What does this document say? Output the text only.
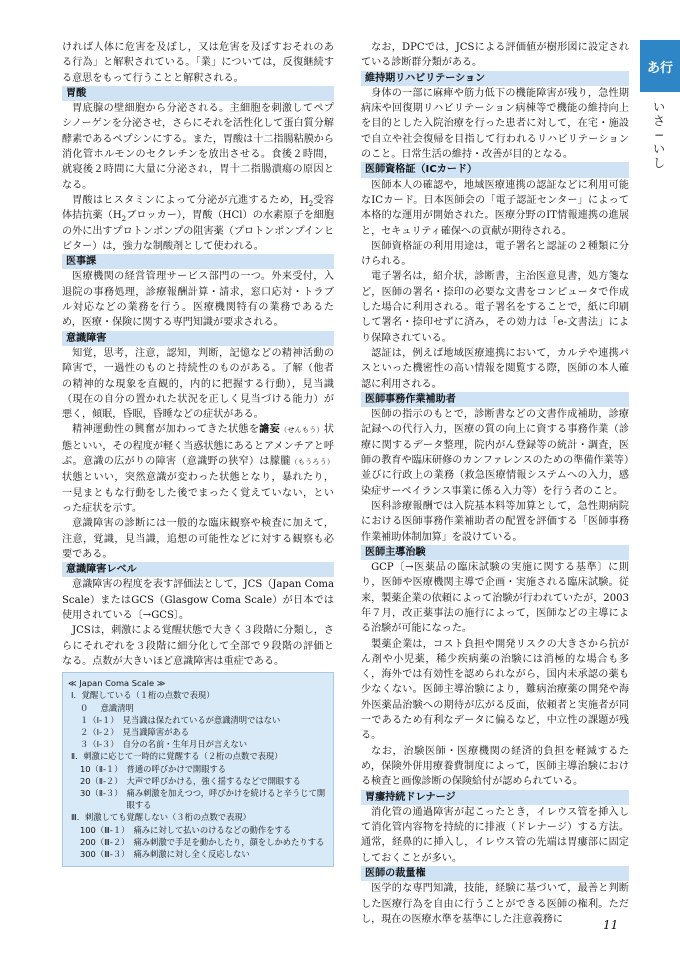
あ行
い
さ
−
い
し

ければ人体に危害を及ぼし，又は危害を及ぼすおそれのある行為」と解釈されている。「業」については，反復継続する意思をもって行うことと解釈される。

胃酸

胃底腺の壁細胞から分泌される。主細胞を刺激してペプシノーゲンを分泌させ，さらにそれを活性化して蛋白質分解酵素であるペプシンにする。また，胃酸は十二指腸粘膜から消化管ホルモンのセクレチンを放出させる。食後２時間，就寝後２時間に大量に分泌され，胃十二指腸潰瘍の原因となる。

胃酸はヒスタミンによって分泌が亢進するため，$H_2$受容体拮抗薬（$H_2$ブロッカー），胃酸（HCl）の水素原子を細胞の外に出すプロトンポンプの阻害薬（プロトンポンプインヒビター）は，強力な制酸剤として使われる。

医事課

医療機関の経営管理サービス部門の一つ。外来受付，入退院の事務処理，診療報酬計算・請求，窓口応対・トラブル対応などの業務を行う。医療機関特有の業務であるため，医療・保険に関する専門知識が要求される。

意識障害

知覚，思考，注意，認知，判断，記憶などの精神活動の障害で，一過性のものと持続性のものがある。了解（他者の精神的な現象を直観的，内的に把握する行動），見当識（現在の自分の置かれた状況を正しく見当づける能力）が悪く，傾眠，昏眠，昏睡などの症状がある。

精神運動性の興奮が加わってきた状態を譫妄（せんもう）状態といい，その程度が軽く当惑状態にあるとアメンチアと呼ぶ。意識の広がりの障害（意識野の狭窄）は朦朧（もうろう）状態といい，突然意識が変わった状態となり，暴れたり，一見まともな行動をした後でまったく覚えていない，といった症状を示す。

意識障害の診断には一般的な臨床観察や検査に加えて，注意，覚識，見当識，追想の可能性などに対する観察も必要である。

意識障害レベル

意識障害の程度を表す評価法として，JCS（Japan Coma Scale）またはGCS（Glasgow Coma Scale）が日本では使用されている〔→GCS〕。

JCSは，刺激による覚醒状態で大きく３段階に分類し，さらにそれぞれを３段階に細分化して全部で９段階の評価となる。点数が大きいほど意識障害は重症である。

≪ Japan Coma Scale ≫
Ⅰ．覚醒している（１桁の点数で表現）
０　 意識清明
１（Ⅰ-１） 見当識は保たれているが意識清明ではない
２（Ⅰ-２） 見当識障害がある
３（Ⅰ-３） 自分の名前・生年月日が言えない
Ⅱ．刺激に応じて一時的に覚醒する（２桁の点数で表現）
10（Ⅱ-１） 普通の呼びかけで開眼する
20（Ⅱ-２） 大声で呼びかける，強く揺するなどで開眼する
30（Ⅱ-３） 痛み刺激を加えつつ，呼びかけを続けると辛うじて開眼する
Ⅲ．刺激しても覚醒しない（３桁の点数で表現）
100（Ⅲ-１） 痛みに対して払いのけるなどの動作をする
200（Ⅲ-２） 痛み刺激で手足を動かしたり，顔をしかめたりする
300（Ⅲ-３） 痛み刺激に対し全く反応しない

なお，DPCでは，JCSによる評価値が樹形図に設定されている診断群分類がある。

維持期リハビリテーション

身体の一部に麻痺や筋力低下の機能障害が残り，急性期病床や回復期リハビリテーション病棟等で機能の維持向上を目的とした入院治療を行った患者に対して，在宅・施設で自立や社会復帰を目指して行われるリハビリテーションのこと。日常生活の維持・改善が目的となる。

医師資格証（ICカード）

医師本人の確認や，地域医療連携の認証などに利用可能なICカード。日本医師会の「電子認証センター」によって本格的な運用が開始された。医療分野のIT情報連携の進展と，セキュリティ確保への貢献が期待される。

医師資格証の利用用途は，電子署名と認証の２種類に分けられる。

電子署名は，紹介状，診断書，主治医意見書，処方箋など，医師の署名・捺印の必要な文書をコンピュータで作成した場合に利用される。電子署名をすることで，紙に印刷して署名・捺印せずに済み，その効力は「e-文書法」により保障されている。

認証は，例えば地域医療連携において，カルテや連携パスといった機密性の高い情報を閲覧する際，医師の本人確認に利用される。

医師事務作業補助者

医師の指示のもとで，診断書などの文書作成補助，診療記録への代行入力，医療の質の向上に資する事務作業（診療に関するデータ整理，院内がん登録等の統計・調査，医師の教育や臨床研修のカンファレンスのための準備作業等）並びに行政上の業務（救急医療情報システムへの入力，感染症サーベイランス事業に係る入力等）を行う者のこと。

医科診療報酬では入院基本料等加算として，急性期病院における医師事務作業補助者の配置を評価する「医師事務作業補助体制加算」を設けている。

医師主導治験

GCP〔→医薬品の臨床試験の実施に関する基準〕に則り，医師や医療機関主導で企画・実施される臨床試験。従来，製薬企業の依頼によって治験が行われていたが，2003年７月，改正薬事法の施行によって，医師などの主導による治験が可能になった。

製薬企業は，コスト負担や開発リスクの大きさから抗がん剤や小児薬，稀少疾病薬の治験には消極的な場合も多く，海外では有効性を認められながら，国内未承認の薬も少なくない。医師主導治験により，難病治療薬の開発や海外医薬品治験への期待が広がる反面，依頼者と実施者が同一であるため有利なデータに偏るなど，中立性の課題が残る。

なお，治験医師・医療機関の経済的負担を軽減するため，保険外併用療養費制度によって，医師主導治験における検査と画像診断の保険給付が認められている。

胃瘻持続ドレナージ

消化管の通過障害が起こったとき，イレウス管を挿入して消化管内容物を持続的に排液（ドレナージ）する方法。通常，経鼻的に挿入し，イレウス管の先端は胃瘻部に固定しておくことが多い。

医師の裁量権

医学的な専門知識，技能，経験に基づいて，最善と判断した医療行為を自由に行うことができる医師の権利。ただし，現在の医療水準を基準にした注意義務に	11
